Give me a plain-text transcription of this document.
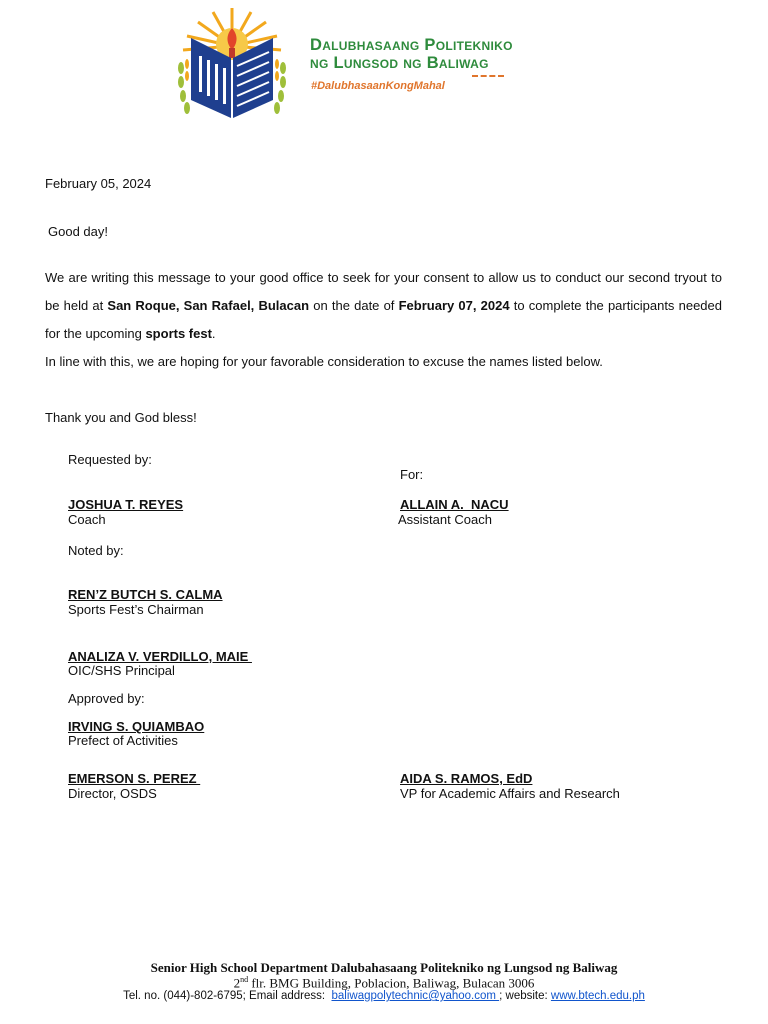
Dalubhasaang Politekniko
ng Lungsod ng Baliwag
#DalubhasaanKongMahal
February 05, 2024
Good day!
We are writing this message to your good office to seek for your consent to allow us to conduct our second tryout to be held at San Roque, San Rafael, Bulacan on the date of February 07, 2024 to complete the participants needed for the upcoming sports fest.
In line with this, we are hoping for your favorable consideration to excuse the names listed below.
Thank you and God bless!
Requested by:
For:
JOSHUA T. REYES
Coach
ALLAIN A.  NACU
Assistant Coach
Noted by:
REN’Z BUTCH S. CALMA
Sports Fest’s Chairman
ANALIZA V. VERDILLO, MAIE
OIC/SHS Principal
Approved by:
IRVING S. QUIAMBAO
Prefect of Activities
EMERSON S. PEREZ
Director, OSDS
AIDA S. RAMOS, EdD
VP for Academic Affairs and Research
Senior High School Department Dalubahasaang Politekniko ng Lungsod ng Baliwag
2nd flr. BMG Building, Poblacion, Baliwag, Bulacan 3006
Tel. no. (044)-802-6795; Email address:  baliwagpolytechnic@yahoo.com ; website: www.btech.edu.ph
